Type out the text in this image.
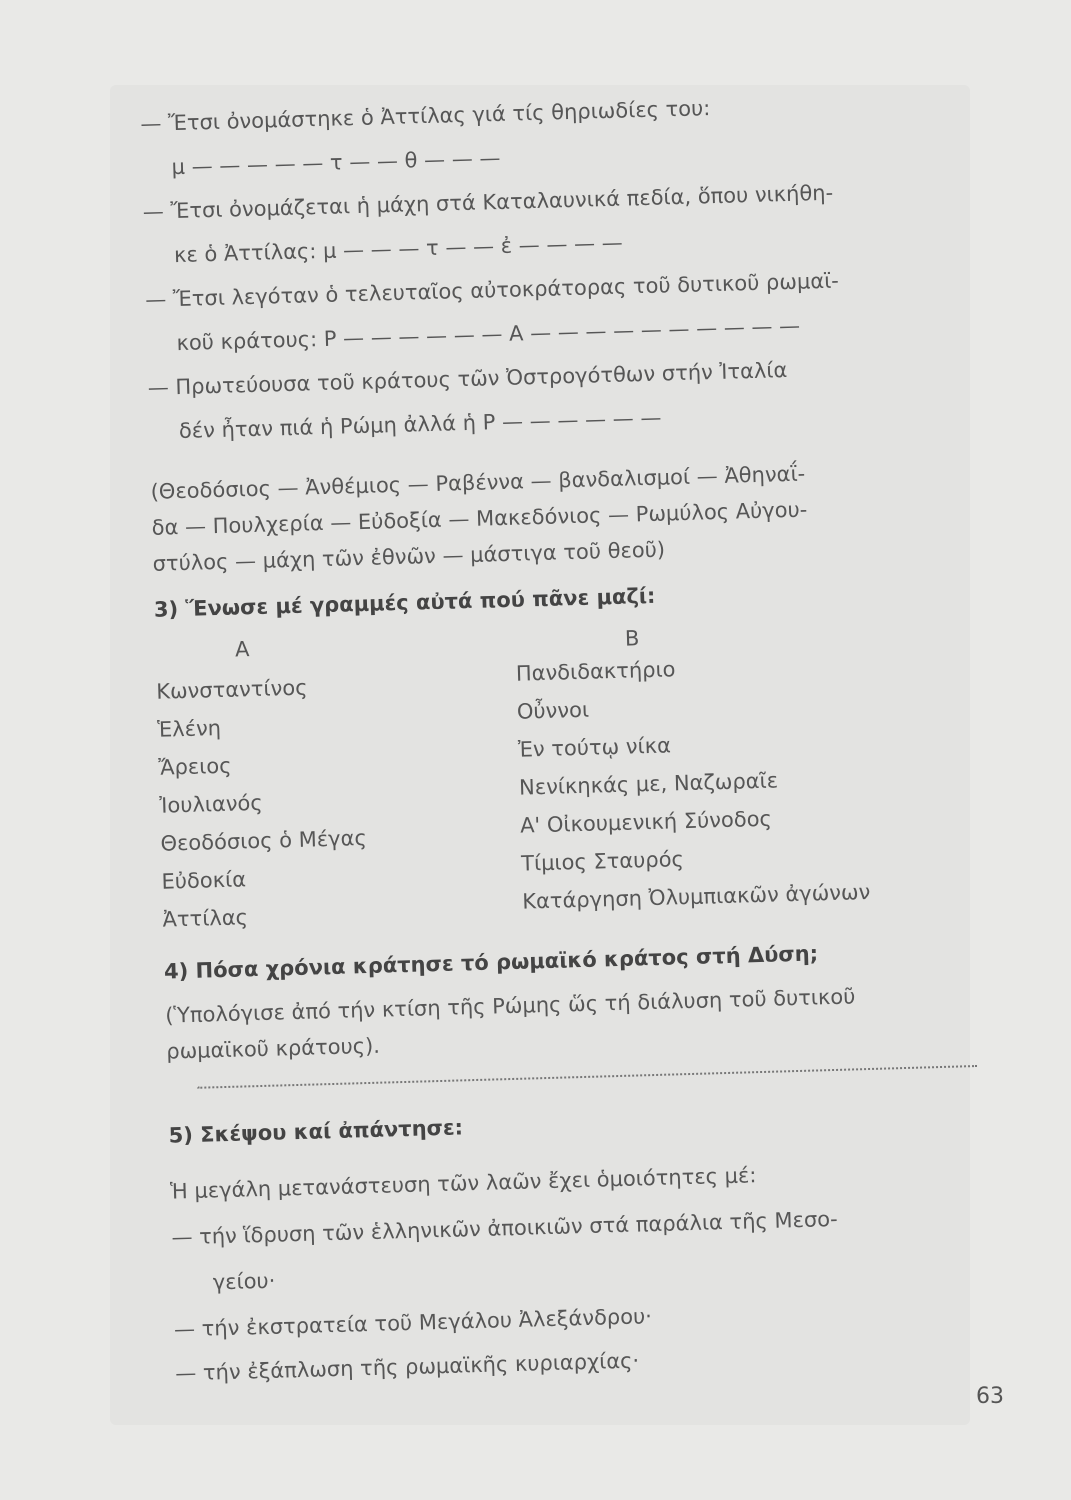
— Ἔτσι ὀνομάστηκε ὁ Ἀττίλας γιά τίς θηριωδίες του:
μ — — — — — τ — — θ — — —
— Ἔτσι ὀνομάζεται ἡ μάχη στά Καταλαυνικά πεδία, ὅπου νικήθη-
κε ὁ Ἀττίλας: μ — — — τ — — ἐ — — — —
— Ἔτσι λεγόταν ὁ τελευταῖος αὐτοκράτορας τοῦ δυτικοῦ ρωμαϊ-
κοῦ κράτους: Ρ — — — — — — Α — — — — — — — — — —
— Πρωτεύουσα τοῦ κράτους τῶν Ὀστρογότθων στήν Ἰταλία
δέν ἦταν πιά ἡ Ρώμη ἀλλά ἡ Ρ — — — — — —
(Θεοδόσιος — Ἀνθέμιος — Ραβέννα — βανδαλισμοί — Ἀθηναΐ-
δα — Πουλχερία — Εὐδοξία — Μακεδόνιος — Ρωμύλος Αὐγου-
στύλος — μάχη τῶν ἐθνῶν — μάστιγα τοῦ θεοῦ)
3) Ἕνωσε μέ γραμμές αὐτά πού πᾶνε μαζί:
Α	Β
Κωνσταντίνος
Ἑλένη
Ἄρειος
Ἰουλιανός
Θεοδόσιος ὁ Μέγας
Εὐδοκία
Ἀττίλας
Πανδιδακτήριο
Οὖννοι
Ἐν τούτῳ νίκα
Νενίκηκάς με, Ναζωραῖε
Α' Οἰκουμενική Σύνοδος
Τίμιος Σταυρός
Κατάργηση Ὀλυμπιακῶν ἀγώνων
4) Πόσα χρόνια κράτησε τό ρωμαϊκό κράτος στή Δύση;
(Ὑπολόγισε ἀπό τήν κτίση τῆς Ρώμης ὥς τή διάλυση τοῦ δυτικοῦ
ρωμαϊκοῦ κράτους).
5) Σκέψου καί ἀπάντησε:
Ἡ μεγάλη μετανάστευση τῶν λαῶν ἔχει ὁμοιότητες μέ:
— τήν ἵδρυση τῶν ἑλληνικῶν ἀποικιῶν στά παράλια τῆς Μεσο-
γείου·
— τήν ἐκστρατεία τοῦ Μεγάλου Ἀλεξάνδρου·
— τήν ἐξάπλωση τῆς ρωμαϊκῆς κυριαρχίας·
63
